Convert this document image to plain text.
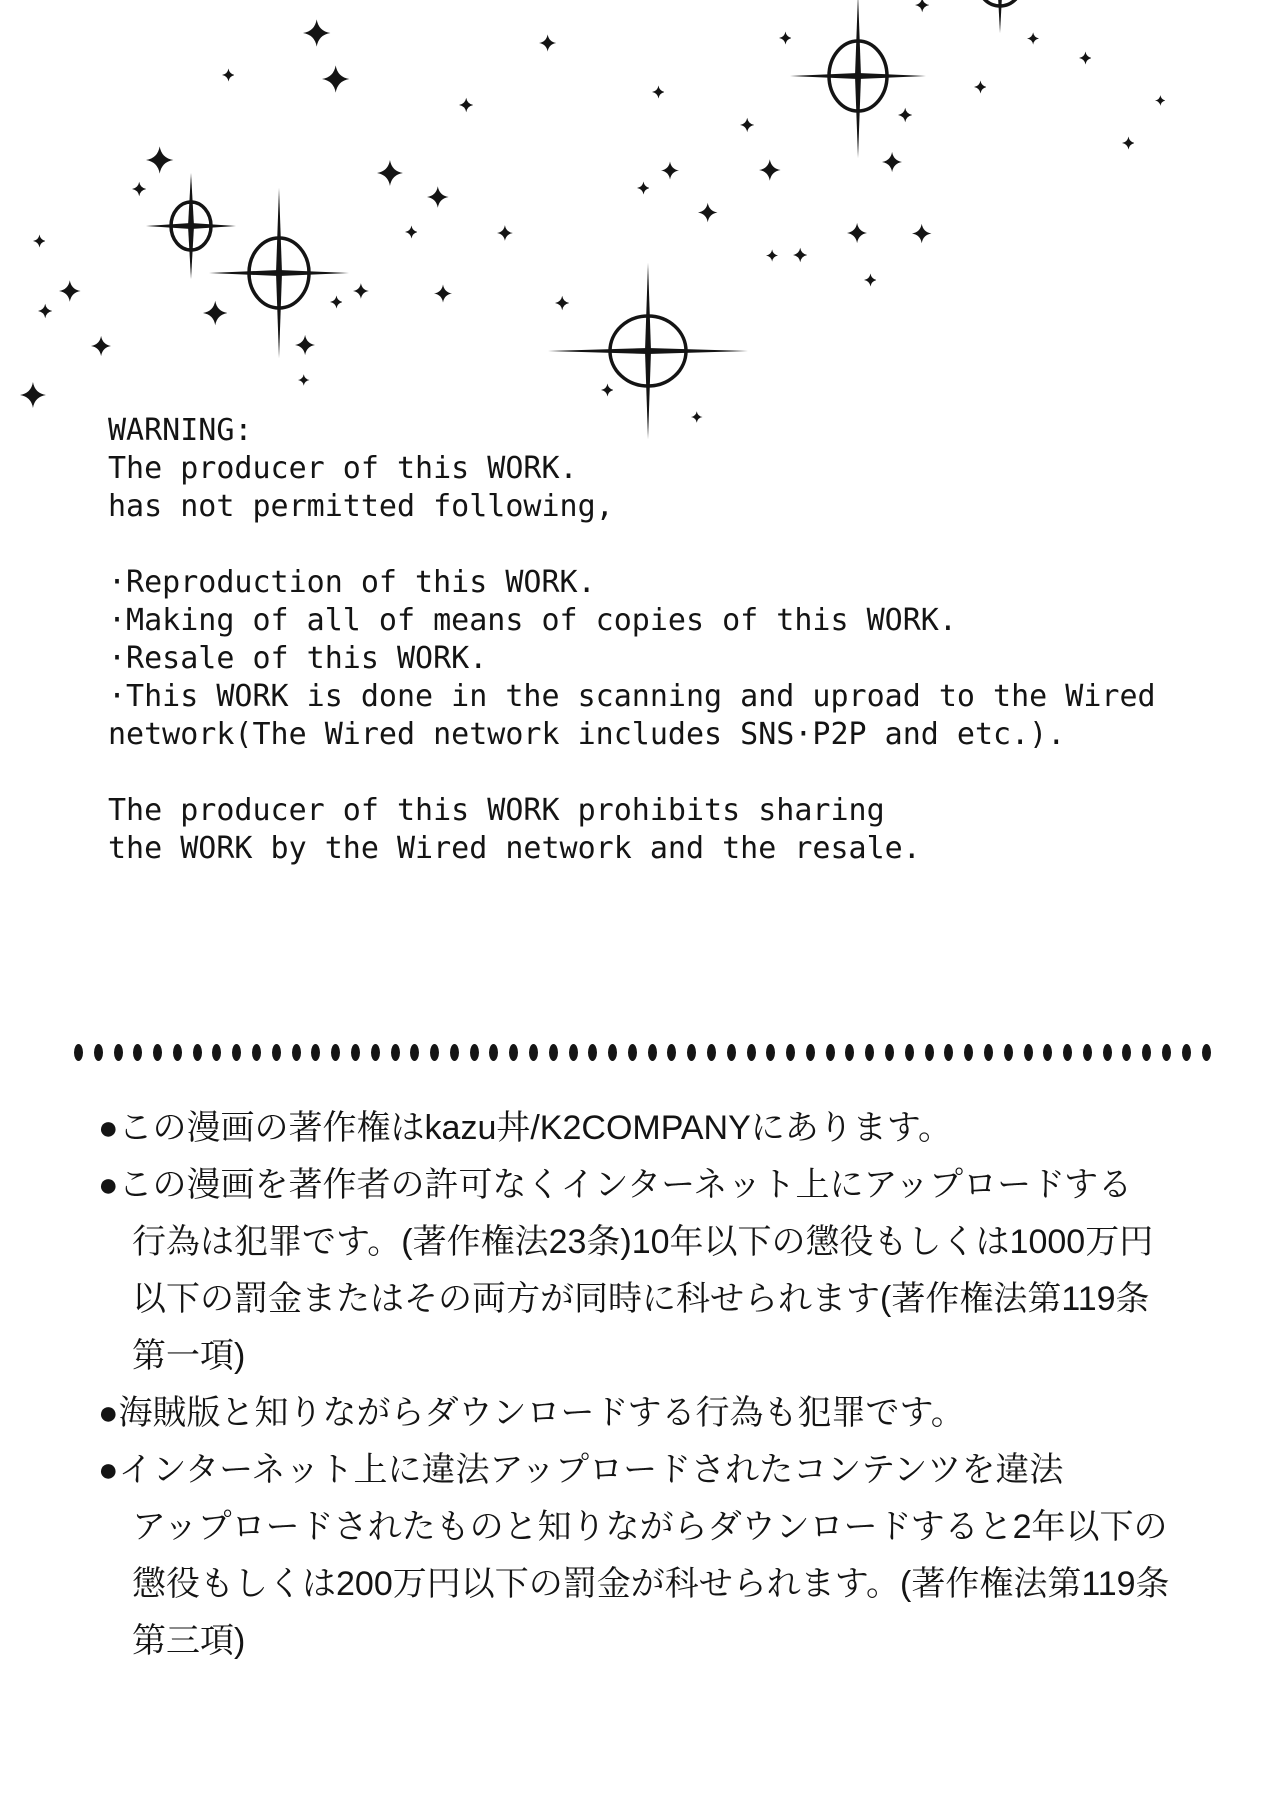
WARNING:
The producer of this WORK.
has not permitted following,
·Reproduction of this WORK.
·Making of all of means of copies of this WORK.
·Resale of this WORK.
·This WORK is done in the scanning and uproad to the Wired
network(The Wired network includes SNS·P2P and etc.).
The producer of this WORK prohibits sharing
the WORK by the Wired network and the resale.
●この漫画の著作権はkazu丼/K2COMPANYにあります。
●この漫画を著作者の許可なくインターネット上にアップロードする
行為は犯罪です。(著作権法23条)10年以下の懲役もしくは1000万円
以下の罰金またはその両方が同時に科せられます(著作権法第119条
第一項)
●海賊版と知りながらダウンロードする行為も犯罪です。
●インターネット上に違法アップロードされたコンテンツを違法
アップロードされたものと知りながらダウンロードすると2年以下の
懲役もしくは200万円以下の罰金が科せられます。(著作権法第119条
第三項)
